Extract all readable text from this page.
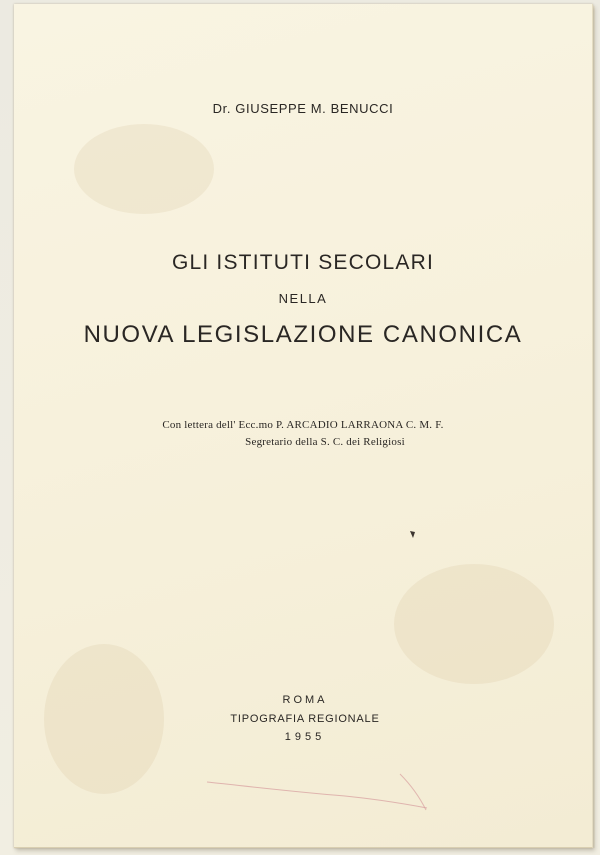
Dr. GIUSEPPE M. BENUCCI
GLI ISTITUTI SECOLARI
NELLA
NUOVA LEGISLAZIONE CANONICA
Con lettera dell' Ecc.mo P. ARCADIO LARRAONA C. M. F.
Segretario della S. C. dei Religiosi
ROMA
TIPOGRAFIA REGIONALE
1955
